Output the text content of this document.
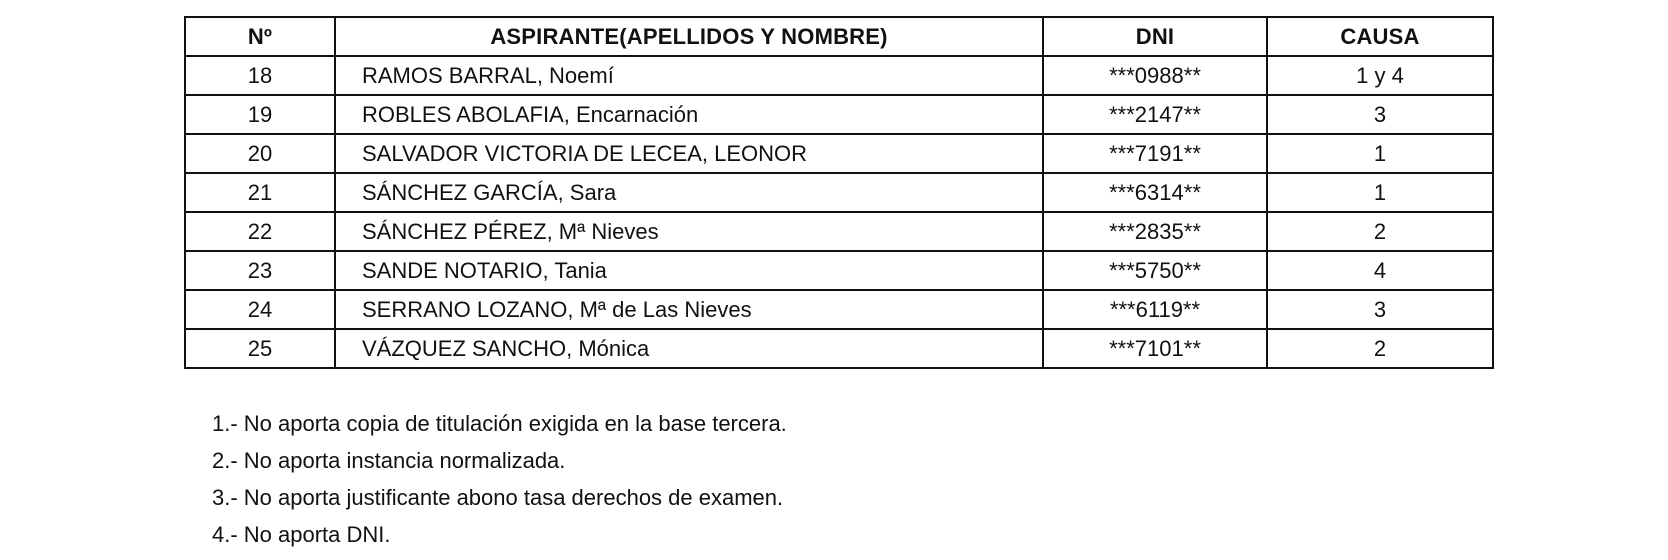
Nº	ASPIRANTE(APELLIDOS Y NOMBRE)	DNI	CAUSA
18	RAMOS BARRAL, Noemí	***0988**	1 y 4
19	ROBLES ABOLAFIA, Encarnación	***2147**	3
20	SALVADOR VICTORIA DE LECEA, LEONOR	***7191**	1
21	SÁNCHEZ GARCÍA, Sara	***6314**	1
22	SÁNCHEZ PÉREZ, Mª Nieves	***2835**	2
23	SANDE NOTARIO, Tania	***5750**	4
24	SERRANO LOZANO, Mª de Las Nieves	***6119**	3
25	VÁZQUEZ SANCHO, Mónica	***7101**	2
1.- No aporta copia de titulación exigida en la base tercera.
2.- No aporta instancia normalizada.
3.- No aporta justificante abono tasa derechos de examen.
4.- No aporta DNI.
